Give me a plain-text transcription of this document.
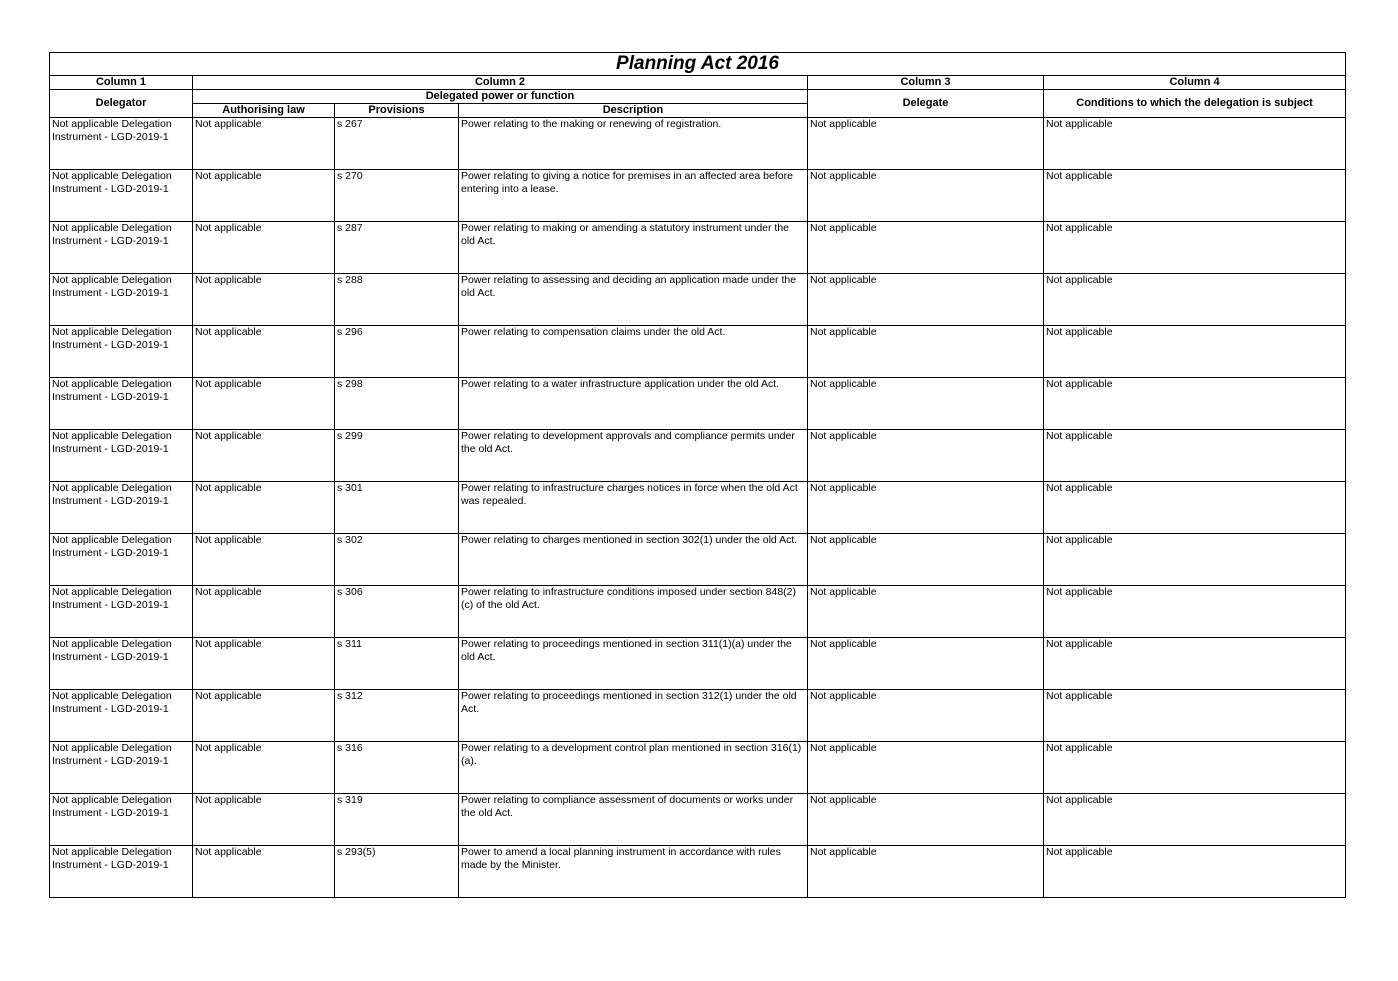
Planning Act 2016					
Column 1	Column 2			Column 3	Column 4
Delegator	Delegated power or function			Delegate	Conditions to which the delegation is subject
	Authorising law	Provisions	Description		
Not applicable Delegation Instrument - LGD-2019-1	Not applicable	s 267	Power relating to the making or renewing of registration.	Not applicable	Not applicable
Not applicable Delegation Instrument - LGD-2019-1	Not applicable	s 270	Power relating to giving a notice for premises in an affected area before entering into a lease.	Not applicable	Not applicable
Not applicable Delegation Instrument - LGD-2019-1	Not applicable	s 287	Power relating to making or amending a statutory instrument under the old Act.	Not applicable	Not applicable
Not applicable Delegation Instrument - LGD-2019-1	Not applicable	s 288	Power relating to assessing and deciding an application made under the old Act.	Not applicable	Not applicable
Not applicable Delegation Instrument - LGD-2019-1	Not applicable	s 296	Power relating to compensation claims under the old Act.	Not applicable	Not applicable
Not applicable Delegation Instrument - LGD-2019-1	Not applicable	s 298	Power relating to a water infrastructure application under the old Act.	Not applicable	Not applicable
Not applicable Delegation Instrument - LGD-2019-1	Not applicable	s 299	Power relating to development approvals and compliance permits under the old Act.	Not applicable	Not applicable
Not applicable Delegation Instrument - LGD-2019-1	Not applicable	s 301	Power relating to infrastructure charges notices in force when the old Act was repealed.	Not applicable	Not applicable
Not applicable Delegation Instrument - LGD-2019-1	Not applicable	s 302	Power relating to charges mentioned in section 302(1) under the old Act.	Not applicable	Not applicable
Not applicable Delegation Instrument - LGD-2019-1	Not applicable	s 306	Power relating to infrastructure conditions imposed under section 848(2)(c) of the old Act.	Not applicable	Not applicable
Not applicable Delegation Instrument - LGD-2019-1	Not applicable	s 311	Power relating to proceedings mentioned in section 311(1)(a) under the old Act.	Not applicable	Not applicable
Not applicable Delegation Instrument - LGD-2019-1	Not applicable	s 312	Power relating to proceedings mentioned in section 312(1) under the old Act.	Not applicable	Not applicable
Not applicable Delegation Instrument - LGD-2019-1	Not applicable	s 316	Power relating to a development control plan mentioned in section 316(1)(a).	Not applicable	Not applicable
Not applicable Delegation Instrument - LGD-2019-1	Not applicable	s 319	Power relating to compliance assessment of documents or works under the old Act.	Not applicable	Not applicable
Not applicable Delegation Instrument - LGD-2019-1	Not applicable	s 293(5)	Power to amend a local planning instrument in accordance with rules made by the Minister.	Not applicable	Not applicable
